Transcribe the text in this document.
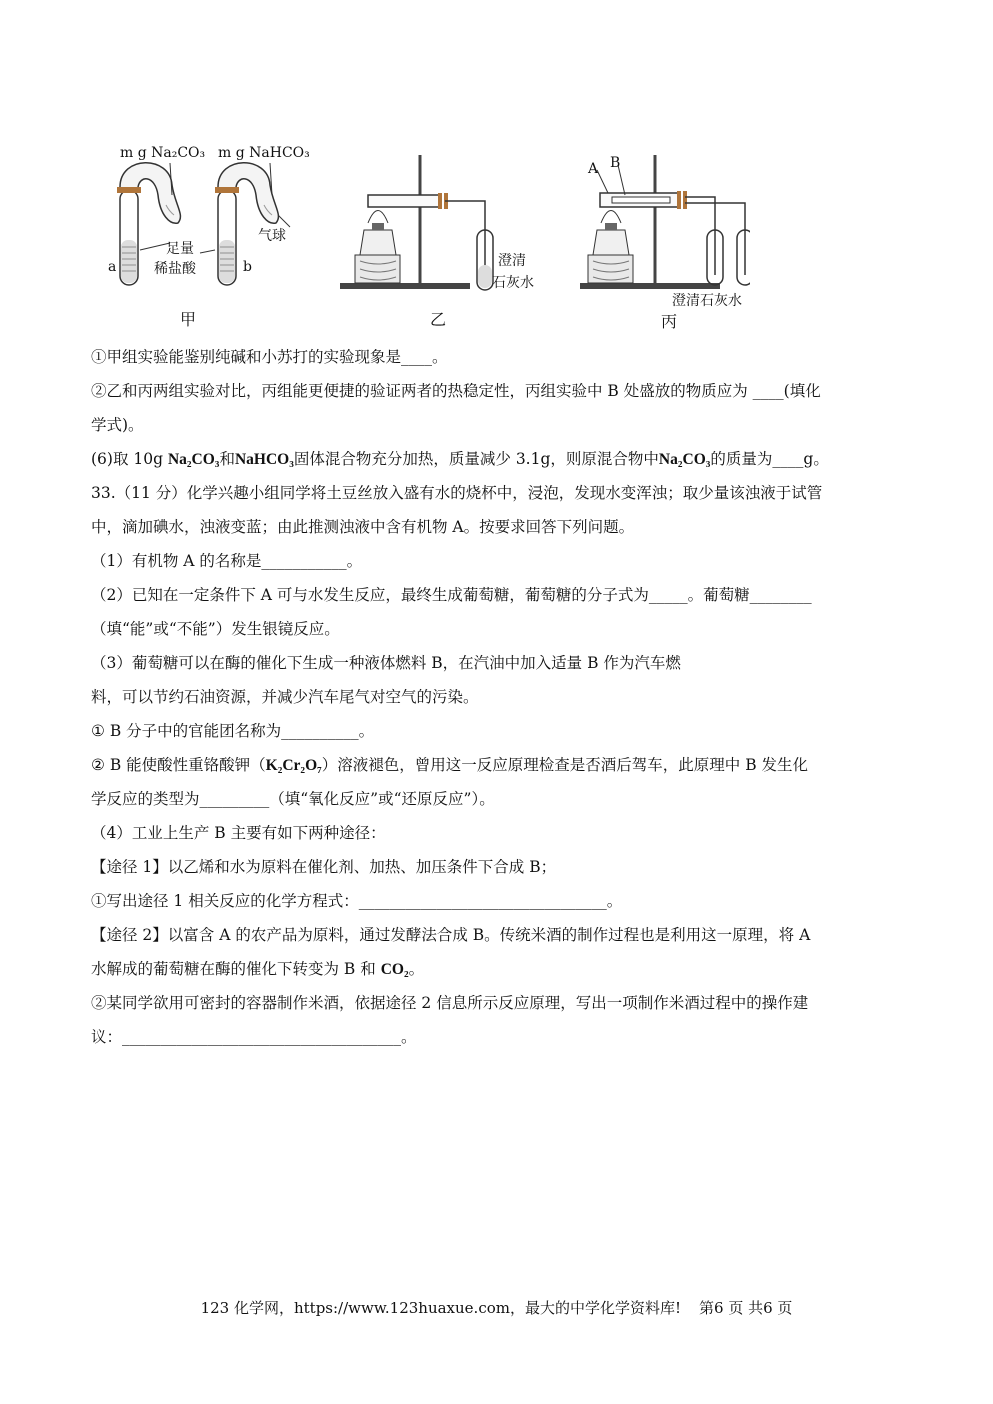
m g Na₂CO₃ m g NaHCO₃
足量
稀盐酸
气球
a	b
甲
澄清
石灰水
乙
A B
澄清石灰水
丙
①甲组实验能鉴别纯碱和小苏打的实验现象是____。
②乙和丙两组实验对比，丙组能更便捷的验证两者的热稳定性，丙组实验中 B 处盛放的物质应为 ____(填化
学式)。
(6)取 10g Na₂CO₃和NaHCO₃固体混合物充分加热，质量减少 3.1g，则原混合物中Na₂CO₃的质量为____g。
33.（11 分）化学兴趣小组同学将土豆丝放入盛有水的烧杯中，浸泡，发现水变浑浊；取少量该浊液于试管
中，滴加碘水，浊液变蓝；由此推测浊液中含有机物 A。按要求回答下列问题。
（1）有机物 A 的名称是___________。
（2）已知在一定条件下 A 可与水发生反应，最终生成葡萄糖，葡萄糖的分子式为_____。葡萄糖________
（填“能”或“不能”）发生银镜反应。
（3）葡萄糖可以在酶的催化下生成一种液体燃料 B，在汽油中加入适量 B 作为汽车燃
料，可以节约石油资源，并减少汽车尾气对空气的污染。
① B 分子中的官能团名称为__________。
② B 能使酸性重铬酸钾（K₂Cr₂O₇）溶液褪色，曾用这一反应原理检查是否酒后驾车，此原理中 B 发生化
学反应的类型为_________（填“氧化反应”或“还原反应”）。
（4）工业上生产 B 主要有如下两种途径：
【途径 1】以乙烯和水为原料在催化剂、加热、加压条件下合成 B；
①写出途径 1 相关反应的化学方程式：________________________________。
【途径 2】以富含 A 的农产品为原料，通过发酵法合成 B。传统米酒的制作过程也是利用这一原理，将 A
水解成的葡萄糖在酶的催化下转变为 B 和 CO₂。
②某同学欲用可密封的容器制作米酒，依据途径 2 信息所示反应原理，写出一项制作米酒过程中的操作建
议：____________________________________。
123 化学网，https://www.123huaxue.com，最大的中学化学资料库! 第6 页 共6 页
